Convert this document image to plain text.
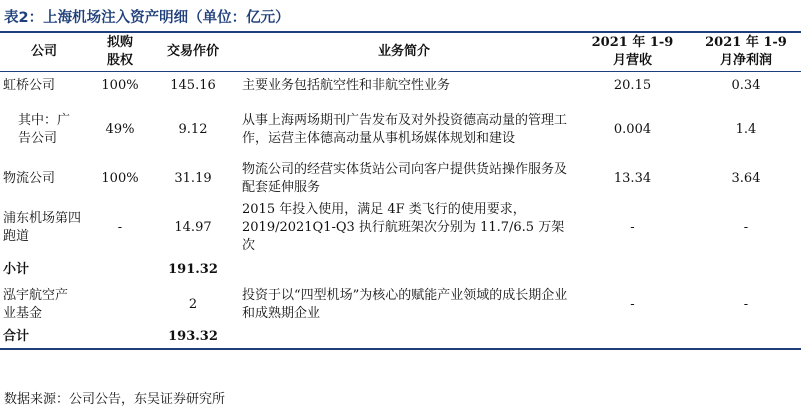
表2：上海机场注入资产明细（单位：亿元）
公司	拟购股权	交易作价	业务简介	2021 年 1-9 月营收	2021 年 1-9 月净利润

虹桥公司	100%	145.16	主要业务包括航空性和非航空性业务	20.15	0.34

其中：广告公司	49%	9.12	从事上海两场期刊广告发布及对外投资德高动量的管理工作，运营主体德高动量从事机场媒体规划和建设	0.004	1.4
物流公司	100%	31.19	物流公司的经营实体货站公司向客户提供货站操作服务及配套延伸服务	13.34	3.64

浦东机场第四跑道	-	14.97	2015 年投入使用，满足 4F 类飞行的使用要求，2019/2021Q1-Q3 执行航班架次分别为 11.7/6.5 万架次	-	-
小计		191.32			

泓宇航空产业基金		2	投资于以“四型机场”为核心的赋能产业领域的成长期企业和成熟期企业	-	-
合计		193.32			
数据来源：公司公告，东吴证券研究所
